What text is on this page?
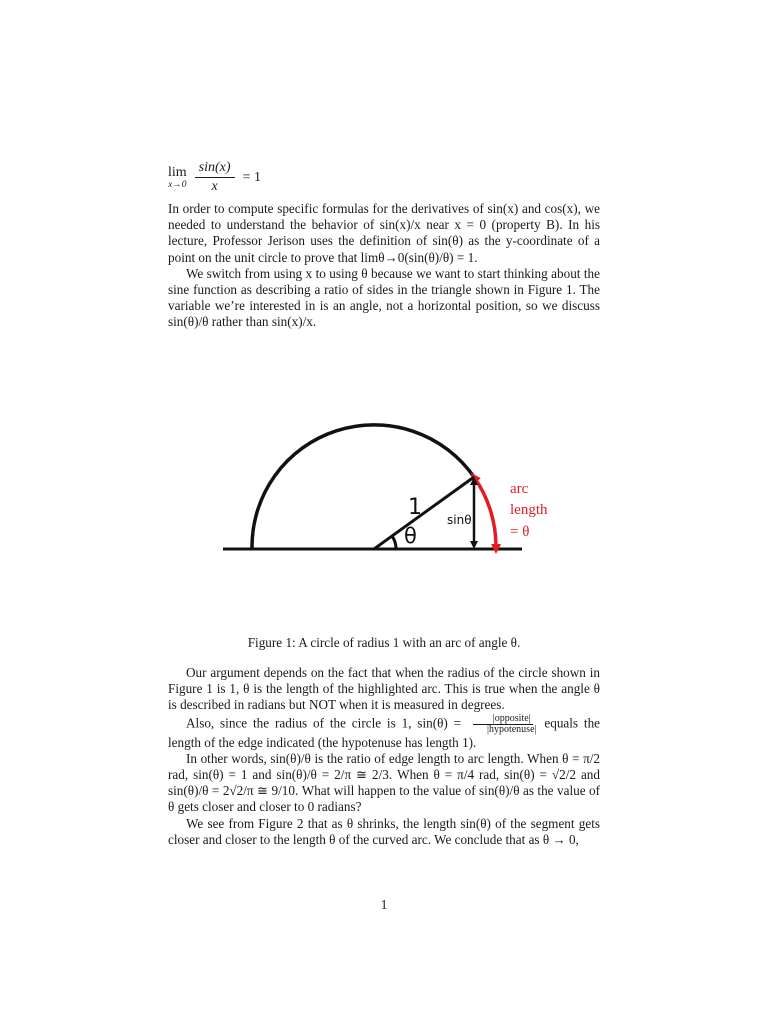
lim
$x\to 0 \frac{\sin(x)}{x} = 1$

In order to compute specific formulas for the derivatives of sin(x) and cos(x), we needed to understand the behavior of sin(x)/x near x = 0 (property B). In his lecture, Professor Jerison uses the definition of sin(θ) as the y-coordinate of a point on the unit circle to prove that limθ→0(sin(θ)/θ) = 1.

We switch from using x to using θ because we want to start thinking about the sine function as describing a ratio of sides in the triangle shown in Figure 1. The variable we’re interested in is an angle, not a horizontal position, so we discuss sin(θ)/θ rather than sin(x)/x.

1
θ
sinθ
arc
length
= θ
Figure 1: A circle of radius 1 with an arc of angle θ.

Our argument depends on the fact that when the radius of the circle shown in Figure 1 is 1, θ is the length of the highlighted arc. This is true when the angle θ is described in radians but NOT when it is measured in degrees.

Also, since the radius of the circle is 1, sin(θ) =	|opposite|
|hypotenuse| equals the length of the edge indicated (the hypotenuse has length 1).

In other words, sin(θ)/θ is the ratio of edge length to arc length. When θ = π/2 rad, sin(θ) = 1 and sin(θ)/θ = 2/π ≅ 2/3. When θ = π/4 rad, sin(θ) = √2/2 and sin(θ)/θ = 2√2/π ≅ 9/10. What will happen to the value of sin(θ)/θ as the value of θ gets closer and closer to 0 radians?

We see from Figure 2 that as θ shrinks, the length sin(θ) of the segment gets closer and closer to the length θ of the curved arc. We conclude that as θ → 0,

1
